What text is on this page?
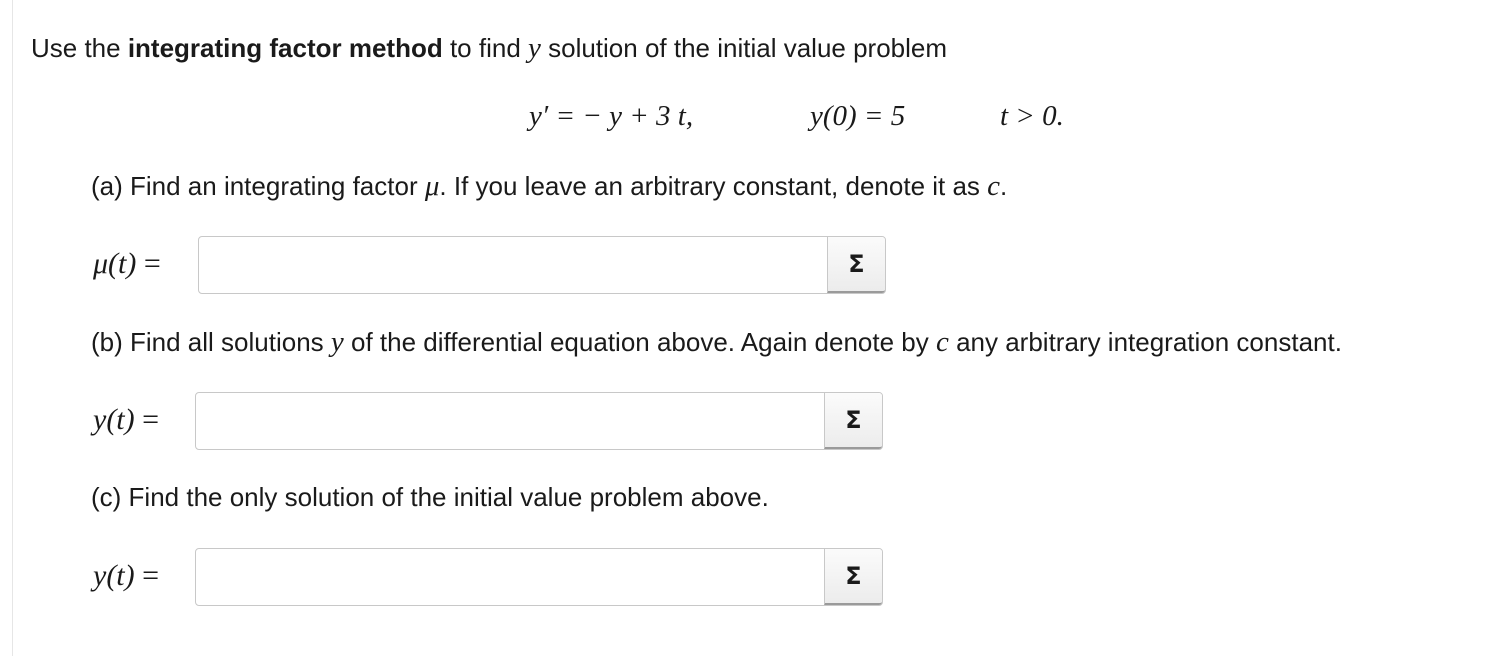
Use the integrating factor method to find y solution of the initial value problem
y′ = − y + 3 t,	y(0) = 5	t > 0.
(a) Find an integrating factor μ. If you leave an arbitrary constant, denote it as c.
μ(t) =	Σ
(b) Find all solutions y of the differential equation above. Again denote by c any arbitrary integration constant.
y(t) =	Σ
(c) Find the only solution of the initial value problem above.
y(t) =	Σ
